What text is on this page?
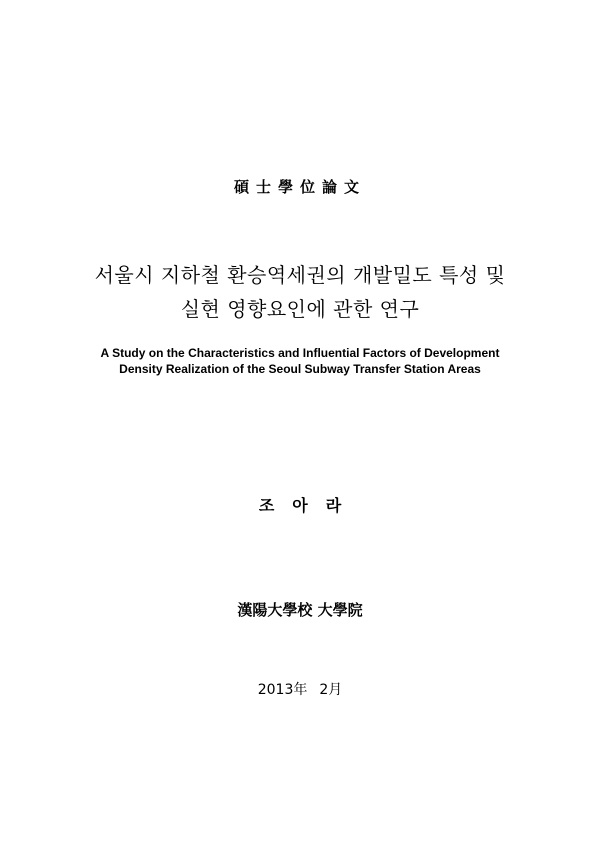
碩士學位論文
서울시 지하철 환승역세권의 개발밀도 특성 및
실현 영향요인에 관한 연구
A Study on the Characteristics and Influential Factors of Development
Density Realization of the Seoul Subway Transfer Station Areas
조아라
漢陽大學校 大學院
2013年 2月
